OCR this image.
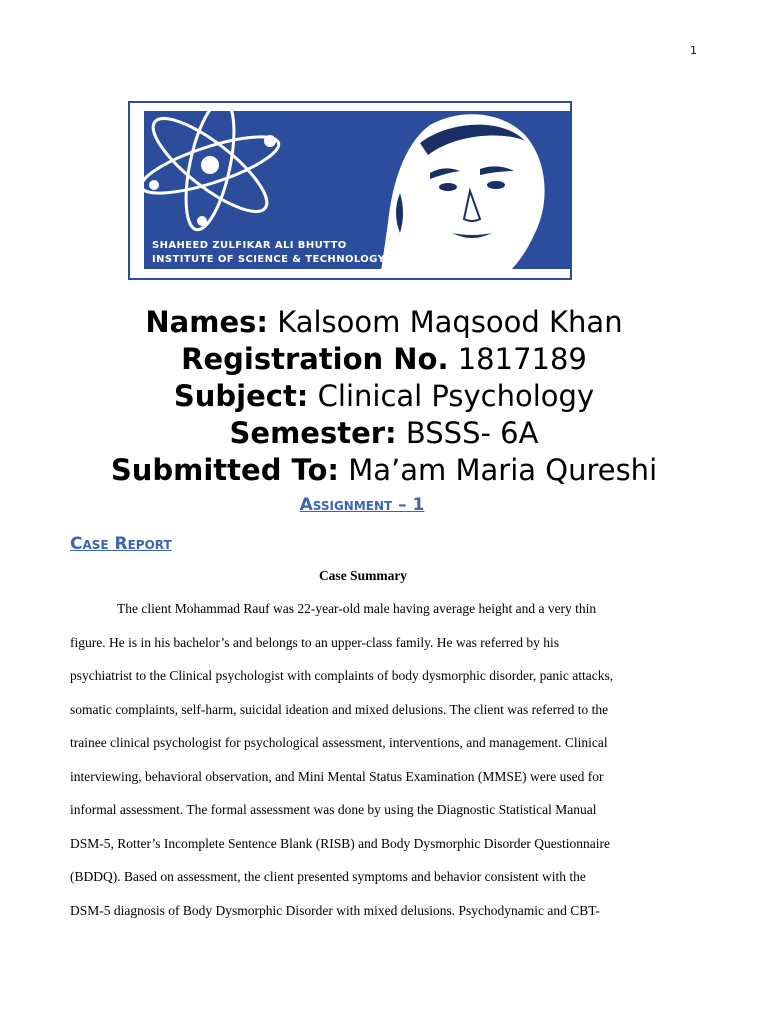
1
SHAHEED ZULFIKAR ALI BHUTTO
INSTITUTE OF SCIENCE & TECHNOLOGY
Names: Kalsoom Maqsood Khan
Registration No. 1817189
Subject: Clinical Psychology
Semester: BSSS- 6A
Submitted To: Ma’am Maria Qureshi
Assignment – 1
Case Report
Case Summary
The client Mohammad Rauf was 22-year-old male having average height and a very thin
figure. He is in his bachelor’s and belongs to an upper-class family. He was referred by his
psychiatrist to the Clinical psychologist with complaints of body dysmorphic disorder, panic attacks,
somatic complaints, self-harm, suicidal ideation and mixed delusions. The client was referred to the
trainee clinical psychologist for psychological assessment, interventions, and management. Clinical
interviewing, behavioral observation, and Mini Mental Status Examination (MMSE) were used for
informal assessment. The formal assessment was done by using the Diagnostic Statistical Manual
DSM-5, Rotter’s Incomplete Sentence Blank (RISB) and Body Dysmorphic Disorder Questionnaire
(BDDQ). Based on assessment, the client presented symptoms and behavior consistent with the
DSM-5 diagnosis of Body Dysmorphic Disorder with mixed delusions. Psychodynamic and CBT-
